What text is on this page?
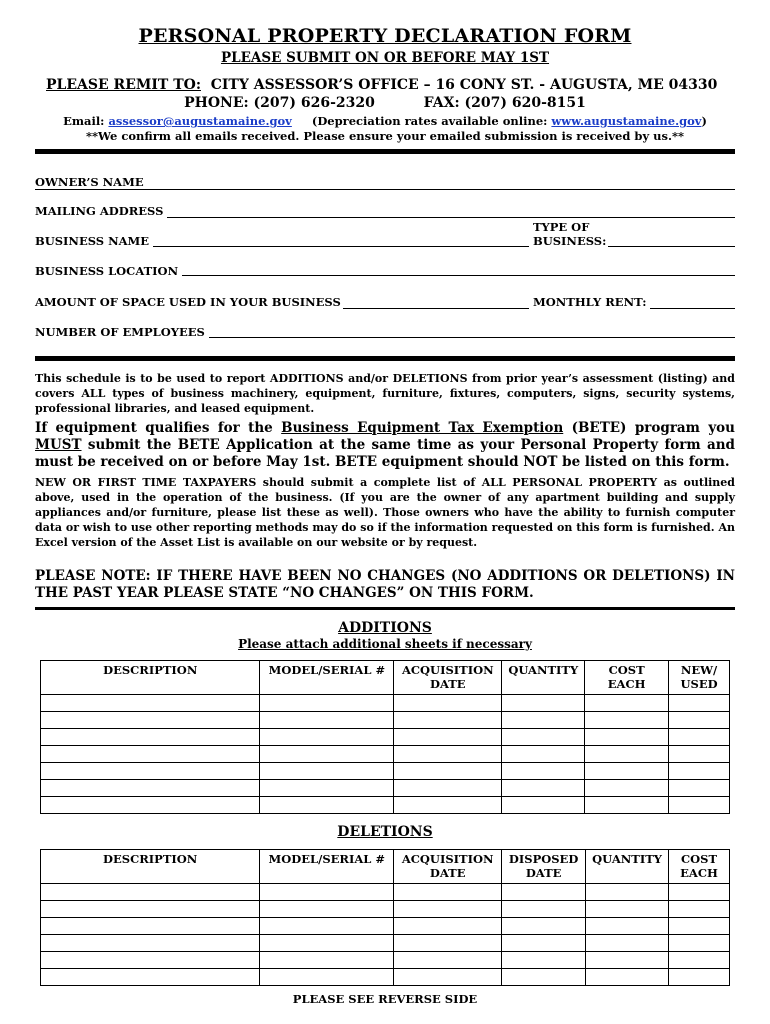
PERSONAL PROPERTY DECLARATION FORM
PLEASE SUBMIT ON OR BEFORE MAY 1ST
PLEASE REMIT TO: CITY ASSESSOR’S OFFICE – 16 CONY ST. - AUGUSTA, ME 04330
PHONE: (207) 626-2320	FAX: (207) 620-8151
Email: assessor@augustamaine.gov (Depreciation rates available online: www.augustamaine.gov)
**We confirm all emails received. Please ensure your emailed submission is received by us.**
OWNER’S NAME
MAILING ADDRESS
BUSINESS NAME
TYPE OF
BUSINESS:
BUSINESS LOCATION
AMOUNT OF SPACE USED IN YOUR BUSINESS	MONTHLY RENT:
NUMBER OF EMPLOYEES
This schedule is to be used to report ADDITIONS and/or DELETIONS from prior year’s assessment (listing) and covers ALL types of business machinery, equipment, furniture, fixtures, computers, signs, security systems, professional libraries, and leased equipment.
If equipment qualifies for the Business Equipment Tax Exemption (BETE) program you MUST submit the BETE Application at the same time as your Personal Property form and must be received on or before May 1st. BETE equipment should NOT be listed on this form.
NEW OR FIRST TIME TAXPAYERS should submit a complete list of ALL PERSONAL PROPERTY as outlined above, used in the operation of the business. (If you are the owner of any apartment building and supply appliances and/or furniture, please list these as well). Those owners who have the ability to furnish computer data or wish to use other reporting methods may do so if the information requested on this form is furnished. An Excel version of the Asset List is available on our website or by request.
PLEASE NOTE: IF THERE HAVE BEEN NO CHANGES (NO ADDITIONS OR DELETIONS) IN THE PAST YEAR PLEASE STATE “NO CHANGES” ON THIS FORM.
ADDITIONS
Please attach additional sheets if necessary
DESCRIPTION	MODEL/SERIAL #	ACQUISITION DATE	QUANTITY	COST EACH	NEW/ USED

DELETIONS
DESCRIPTION	MODEL/SERIAL #	ACQUISITION DATE	DISPOSED DATE	QUANTITY	COST EACH

PLEASE SEE REVERSE SIDE
